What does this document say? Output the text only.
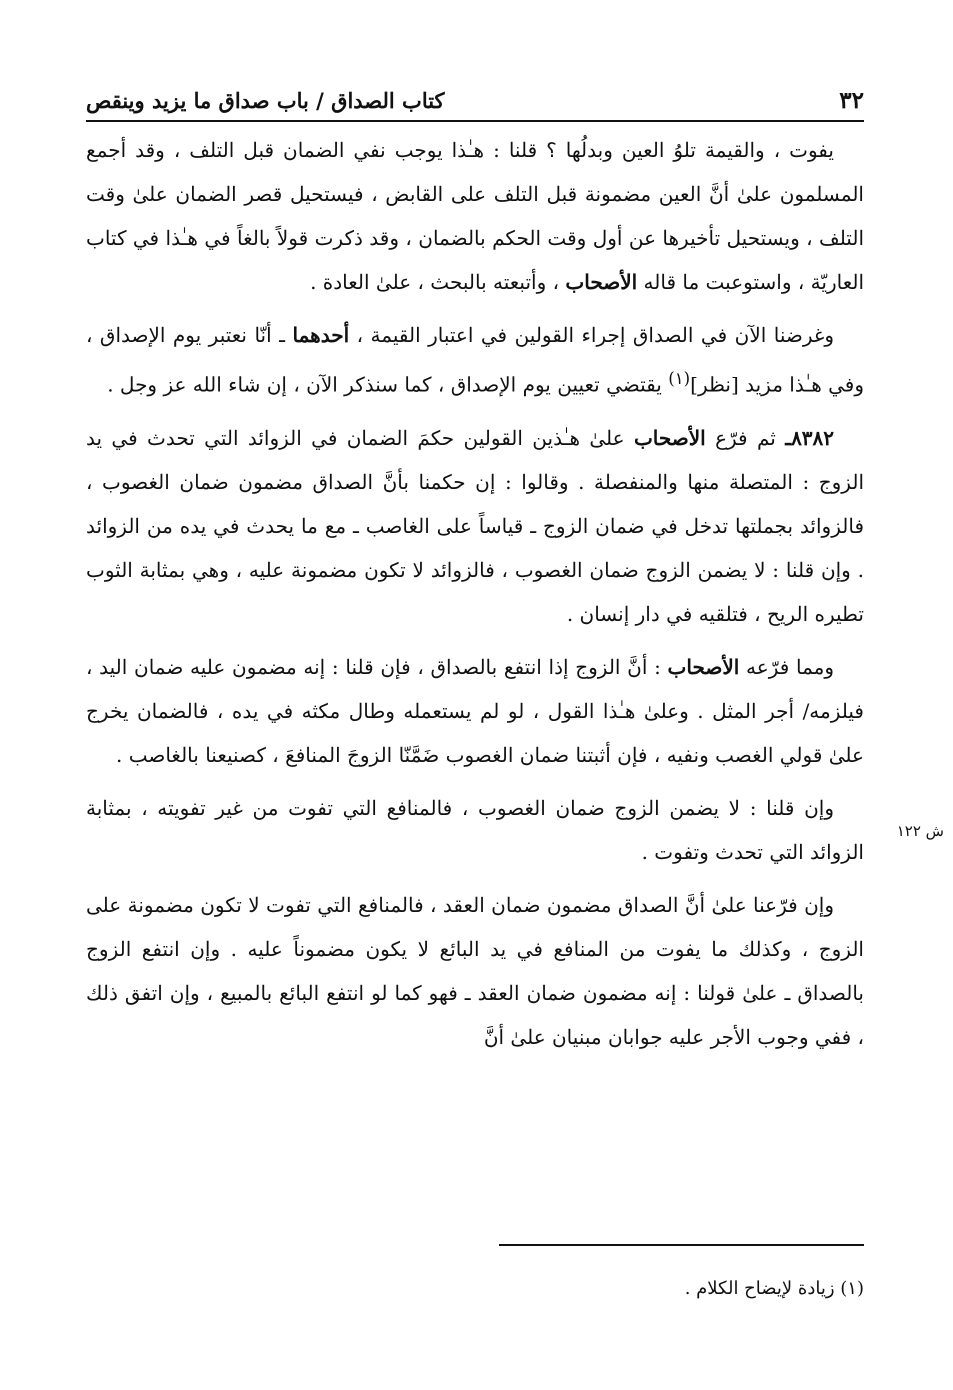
٣٢
كتاب الصداق / باب صداق ما يزيد وينقص

يفوت ، والقيمة تلوُ العين وبدلُها ؟ قلنا : هـٰذا يوجب نفي الضمان قبل التلف ، وقد أجمع المسلمون علىٰ أنَّ العين مضمونة قبل التلف على القابض ، فيستحيل قصر الضمان علىٰ وقت التلف ، ويستحيل تأخيرها عن أول وقت الحكم بالضمان ، وقد ذكرت قولاً بالغاً في هـٰذا في كتاب العاريّة ، واستوعبت ما قاله الأصحاب ، وأتبعته بالبحث ، علىٰ العادة .

وغرضنا الآن في الصداق إجراء القولين في اعتبار القيمة ، أحدهما ـ أنّا نعتبر يوم الإصداق ، وفي هـٰذا مزيد [نظر]$^{(١)}$ يقتضي تعيين يوم الإصداق ، كما سنذكر الآن ، إن شاء الله عز وجل .

٨٣٨٢ـ ثم فرّع الأصحاب علىٰ هـٰذين القولين حكمَ الضمان في الزوائد التي تحدث في يد الزوج : المتصلة منها والمنفصلة . وقالوا : إن حكمنا بأنَّ الصداق مضمون ضمان الغصوب ، فالزوائد بجملتها تدخل في ضمان الزوج ـ قياساً على الغاصب ـ مع ما يحدث في يده من الزوائد . وإن قلنا : لا يضمن الزوج ضمان الغصوب ، فالزوائد لا تكون مضمونة عليه ، وهي بمثابة الثوب تطيره الريح ، فتلقيه في دار إنسان .

ومما فرّعه الأصحاب : أنَّ الزوج إذا انتفع بالصداق ، فإن قلنا : إنه مضمون عليه ضمان اليد ، فيلزمه/ أجر المثل . وعلىٰ هـٰذا القول ، لو لم يستعمله وطال مكثه في يده ، فالضمان يخرج علىٰ قولي الغصب ونفيه ، فإن أثبتنا ضمان الغصوب ضَمَّنّا الزوجَ المنافعَ ، كصنيعنا بالغاصب .

وإن قلنا : لا يضمن الزوج ضمان الغصوب ، فالمنافع التي تفوت من غير تفويته ، بمثابة الزوائد التي تحدث وتفوت .

وإن فرّعنا علىٰ أنَّ الصداق مضمون ضمان العقد ، فالمنافع التي تفوت لا تكون مضمونة على الزوج ، وكذلك ما يفوت من المنافع في يد البائع لا يكون مضموناً عليه . وإن انتفع الزوج بالصداق ـ علىٰ قولنا : إنه مضمون ضمان العقد ـ فهو كما لو انتفع البائع بالمبيع ، وإن اتفق ذلك ، ففي وجوب الأجر عليه جوابان مبنيان علىٰ أنَّ

ش ١٢٢
(١) زيادة لإيضاح الكلام .
